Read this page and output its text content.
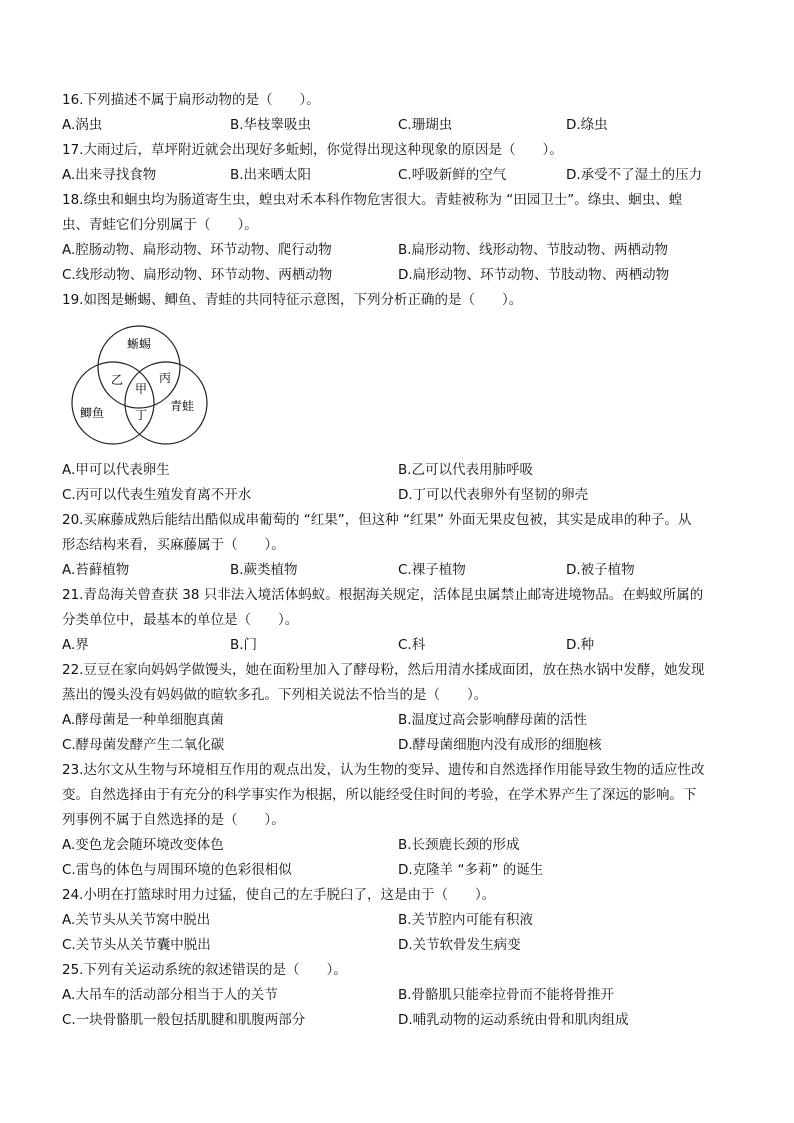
16.下列描述不属于扁形动物的是（　　）。
A.涡虫	B.华枝睾吸虫	C.珊瑚虫	D.绦虫
17.大雨过后，草坪附近就会出现好多蚯蚓，你觉得出现这种现象的原因是（　　）。
A.出来寻找食物	B.出来晒太阳	C.呼吸新鲜的空气	D.承受不了湿土的压力
18.绦虫和蛔虫均为肠道寄生虫，蝗虫对禾本科作物危害很大。青蛙被称为 “田园卫士”。绦虫、蛔虫、蝗
虫、青蛙它们分别属于（　　）。
A.腔肠动物、扁形动物、环节动物、爬行动物	B.扁形动物、线形动物、节肢动物、两栖动物
C.线形动物、扁形动物、环节动物、两栖动物	D.扁形动物、环节动物、节肢动物、两栖动物
19.如图是蜥蜴、鲫鱼、青蛙的共同特征示意图，下列分析正确的是（　　）。
蜥蜴
鲫鱼	青蛙
乙
甲
丙
丁
A.甲可以代表卵生	B.乙可以代表用肺呼吸
C.丙可以代表生殖发育离不开水	D.丁可以代表卵外有坚韧的卵壳
20.买麻藤成熟后能结出酷似成串葡萄的 “红果”，但这种 “红果” 外面无果皮包被，其实是成串的种子。从
形态结构来看，买麻藤属于（　　）。
A.苔藓植物	B.蕨类植物	C.裸子植物	D.被子植物
21.青岛海关曾查获 38 只非法入境活体蚂蚁。根据海关规定，活体昆虫属禁止邮寄进境物品。在蚂蚁所属的
分类单位中，最基本的单位是（　　）。
A.界	B.门	C.科	D.种
22.豆豆在家向妈妈学做馒头，她在面粉里加入了酵母粉，然后用清水揉成面团，放在热水锅中发酵，她发现
蒸出的馒头没有妈妈做的暄软多孔。下列相关说法不恰当的是（　　）。
A.酵母菌是一种单细胞真菌	B.温度过高会影响酵母菌的活性
C.酵母菌发酵产生二氧化碳	D.酵母菌细胞内没有成形的细胞核
23.达尔文从生物与环境相互作用的观点出发，认为生物的变异、遗传和自然选择作用能导致生物的适应性改
变。自然选择由于有充分的科学事实作为根据，所以能经受住时间的考验，在学术界产生了深远的影响。下
列事例不属于自然选择的是（　　）。
A.变色龙会随环境改变体色	B.长颈鹿长颈的形成
C.雷鸟的体色与周围环境的色彩很相似	D.克隆羊 “多莉” 的诞生
24.小明在打篮球时用力过猛，使自己的左手脱臼了，这是由于（　　）。
A.关节头从关节窝中脱出	B.关节腔内可能有积液
C.关节头从关节囊中脱出	D.关节软骨发生病变
25.下列有关运动系统的叙述错误的是（　　）。
A.大吊车的活动部分相当于人的关节	B.骨骼肌只能牵拉骨而不能将骨推开
C.一块骨骼肌一般包括肌腱和肌腹两部分	D.哺乳动物的运动系统由骨和肌肉组成
